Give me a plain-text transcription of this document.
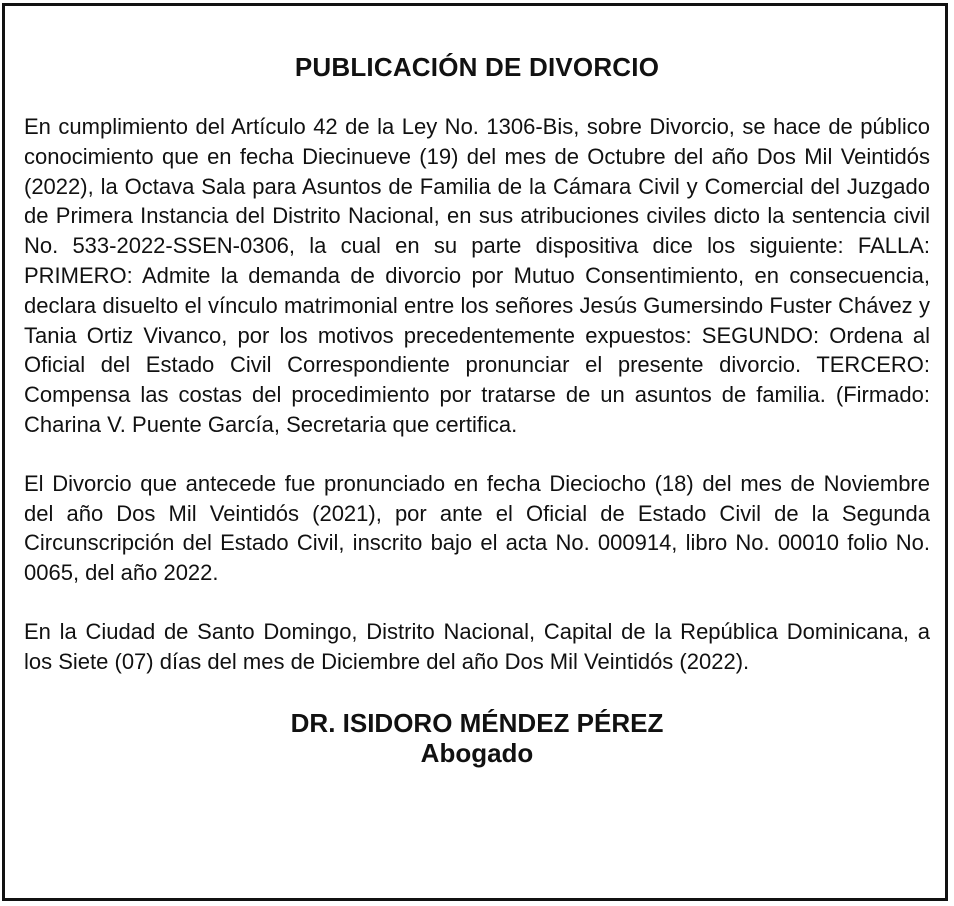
PUBLICACIÓN DE DIVORCIO

En cumplimiento del Artículo 42 de la Ley No. 1306-Bis, sobre Divorcio, se hace de público conocimiento que en fecha Diecinueve (19) del mes de Octubre del año Dos Mil Veintidós (2022), la Octava Sala para Asuntos de Familia de la Cámara Civil y Comercial del Juzgado de Primera Instancia del Distrito Nacional, en sus atribuciones civiles dicto la sentencia civil No. 533-2022-SSEN-0306, la cual en su parte dispositiva dice los siguiente: FALLA: PRIMERO: Admite la demanda de divorcio por Mutuo Consentimiento, en consecuencia, declara disuelto el vínculo matrimonial entre los señores Jesús Gumersindo Fuster Chávez y Tania Ortiz Vivanco, por los motivos precedentemente expuestos: SEGUNDO: Ordena al Oficial del Estado Civil Correspondiente pronunciar el presente divorcio. TERCERO: Compensa las costas del procedimiento por tratarse de un asuntos de familia. (Firmado: Charina V. Puente García, Secretaria que certifica.

El Divorcio que antecede fue pronunciado en fecha Dieciocho (18) del mes de Noviembre del año Dos Mil Veintidós (2021), por ante el Oficial de Estado Civil de la Segunda Circunscripción del Estado Civil, inscrito bajo el acta No. 000914, libro No. 00010 folio No. 0065, del año 2022.

En la Ciudad de Santo Domingo, Distrito Nacional, Capital de la República Dominicana, a los Siete (07) días del mes de Diciembre del año Dos Mil Veintidós (2022).

DR. ISIDORO MÉNDEZ PÉREZ
Abogado
